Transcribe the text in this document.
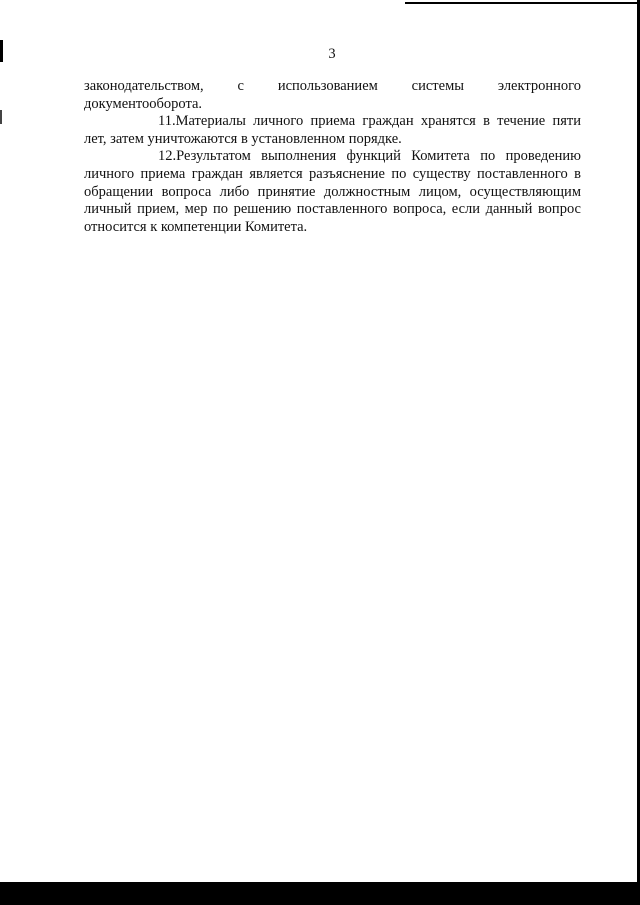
3

законодательством, с использованием системы электронного

документооборота.

11.Материалы личного приема граждан хранятся в течение пяти лет, затем уничтожаются в установленном порядке.

12.Результатом выполнения функций Комитета по проведению личного приема граждан является разъяснение по существу поставленного в обращении вопроса либо принятие должностным лицом, осуществляющим личный прием, мер по решению поставленного вопроса, если данный вопрос относится к компетенции Комитета.
